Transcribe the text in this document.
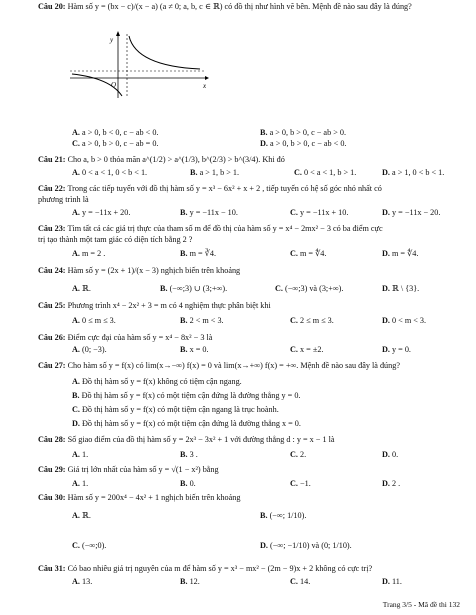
Câu 20: Hàm số y = (bx − c)/(x − a) (a ≠ 0; a, b, c ∈ ℝ) có đồ thị như hình vẽ bên. Mệnh đề nào sau đây là đúng?
y
x
O
A. a > 0, b < 0, c − ab < 0.	B. a > 0, b > 0, c − ab > 0.
C. a > 0, b > 0, c − ab = 0.	D. a > 0, b > 0, c − ab < 0.
Câu 21: Cho a, b > 0 thỏa mãn a^(1/2) > a^(1/3), b^(2/3) > b^(3/4). Khi đó
A. 0 < a < 1, 0 < b < 1.	B. a > 1, b > 1.	C. 0 < a < 1, b > 1.	D. a > 1, 0 < b < 1.
Câu 22: Trong các tiếp tuyến với đồ thị hàm số y = x³ − 6x² + x + 2 , tiếp tuyến có hệ số góc nhỏ nhất có
phương trình là
A. y = −11x + 20.	B. y = −11x − 10.	C. y = −11x + 10.	D. y = −11x − 20.
Câu 23: Tìm tất cả các giá trị thực của tham số m để đồ thị của hàm số y = x⁴ − 2mx² − 3 có ba điểm cực
trị tạo thành một tam giác có diện tích bằng 2 ?
A. m = 2 .	B. m = ∛4.	C. m = ∜4.	D. m = ∜4.
Câu 24: Hàm số y = (2x + 1)/(x − 3) nghịch biến trên khoảng
A. ℝ.	B. (−∞;3) ∪ (3;+∞).	C. (−∞;3) và (3;+∞).	D. ℝ \ {3}.
Câu 25: Phương trình x⁴ − 2x² + 3 = m có 4 nghiệm thực phân biệt khi
A. 0 ≤ m ≤ 3.	B. 2 < m < 3.	C. 2 ≤ m ≤ 3.	D. 0 < m < 3.
Câu 26: Điểm cực đại của hàm số y = x⁴ − 8x² − 3 là
A. (0; −3).	B. x = 0.	C. x = ±2.	D. y = 0.
Câu 27: Cho hàm số y = f(x) có lim(x→−∞) f(x) = 0 và lim(x→+∞) f(x) = +∞. Mệnh đề nào sau đây là đúng?
A. Đồ thị hàm số y = f(x) không có tiệm cận ngang.
B. Đồ thị hàm số y = f(x) có một tiệm cận đứng là đường thẳng y = 0.
C. Đồ thị hàm số y = f(x) có một tiệm cận ngang là trục hoành.
D. Đồ thị hàm số y = f(x) có một tiệm cận đứng là đường thẳng x = 0.
Câu 28: Số giao điểm của đồ thị hàm số y = 2x³ − 3x² + 1 với đường thẳng d : y = x − 1 là
A. 1.	B. 3 .	C. 2.	D. 0.
Câu 29: Giá trị lớn nhất của hàm số y = √(1 − x²) bằng
A. 1.	B. 0.	C. −1.	D. 2 .
Câu 30: Hàm số y = 200x⁴ − 4x² + 1 nghịch biến trên khoảng
A. ℝ.	B. (−∞; 1/10).
C. (−∞;0).	D. (−∞; −1/10) và (0; 1/10).
Câu 31: Có bao nhiêu giá trị nguyên của m để hàm số y = x³ − mx² − (2m − 9)x + 2 không có cực trị?
A. 13.	B. 12.	C. 14.	D. 11.
Trang 3/5 - Mã đề thi 132
